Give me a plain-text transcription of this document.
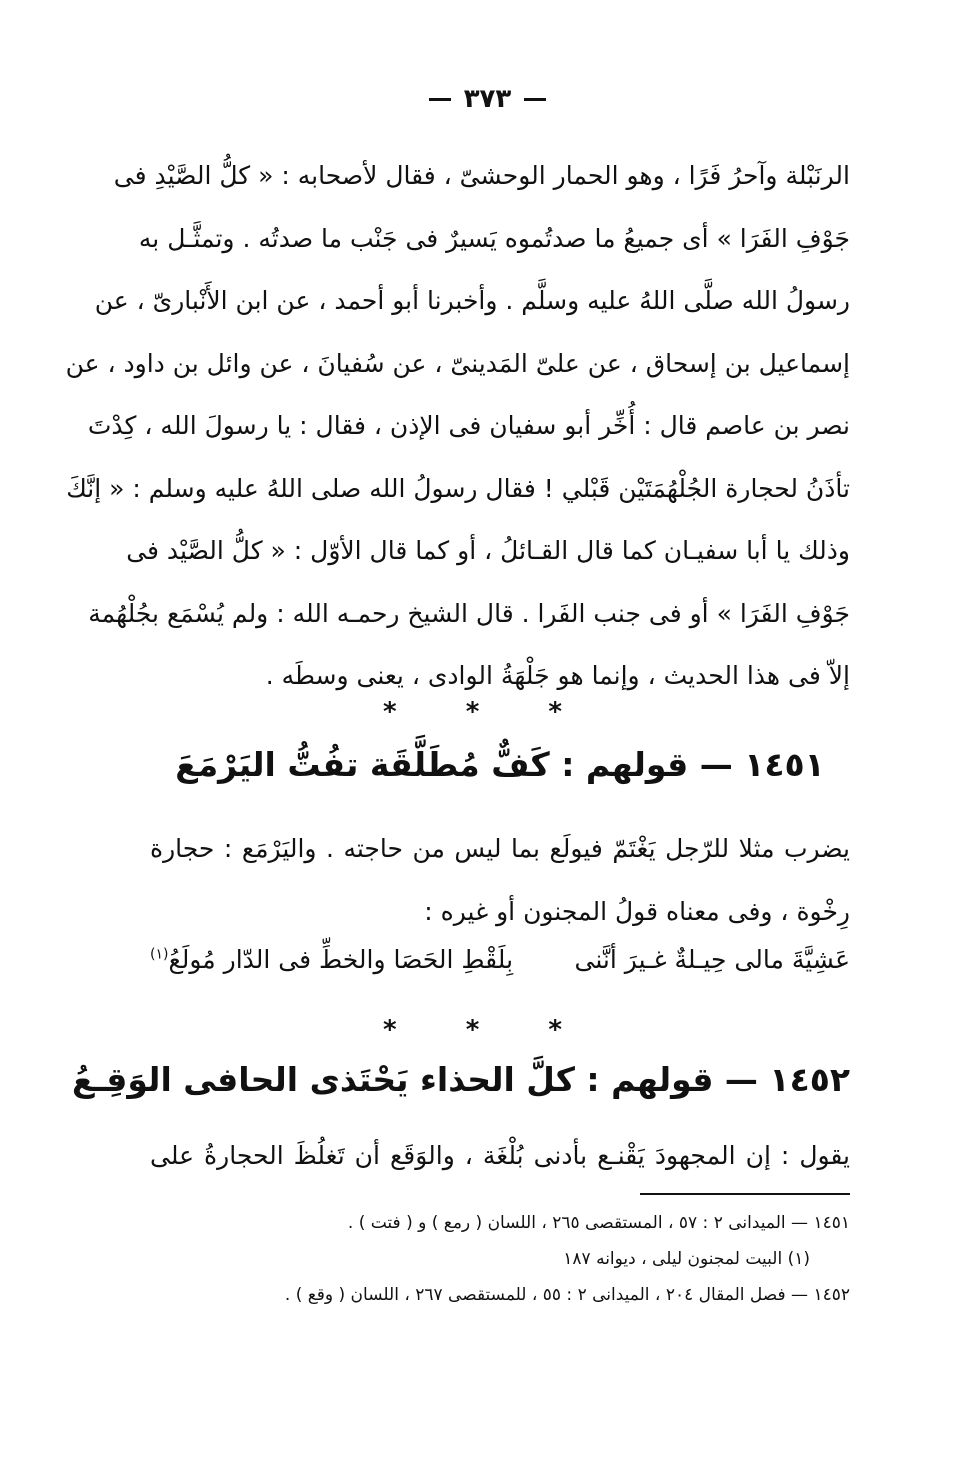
٣٧٣
الرنَبْلة وآحرُ فَرًا ، وهو الحمار الوحشىّ ، فقال لأصحابه : « كلُّ الصَّيْدِ فى
جَوْفِ الفَرَا » أى جميعُ ما صدتُموه يَسيرٌ فى جَنْب ما صدتُه . وتمثَّـل به
رسولُ الله صلَّى اللهُ عليه وسلَّم . وأخبرنا أبو أحمد ، عن ابن الأَنْبارىّ ، عن
إسماعيل بن إسحاق ، عن علىّ المَدينىّ ، عن سُفيانَ ، عن وائل بن داود ، عن
نصر بن عاصم قال : أُخِّر أبو سفيان فى الإذن ، فقال : يا رسولَ الله ، كِدْتَ
تأذَنُ لحجارة الجُلْهُمَتَيْن قَبْلي ! فقال رسولُ الله صلى اللهُ عليه وسلم : « إنَّكَ
وذلك يا أبا سفيـان كما قال القـائلُ ، أو كما قال الأوّل : « كلُّ الصَّيْد فى
جَوْفِ الفَرَا » أو فى جنب الفَرا . قال الشيخ رحمـه الله : ولم يُسْمَع بجُلْهُمة
إلاّ فى هذا الحديث ، وإنما هو جَلْهَةُ الوادى ، يعنى وسطَه .
* * *
١٤٥١ — قولهم : كَفٌّ مُطَلَّقَة تفُتُّ اليَرْمَعَ
يضرب مثلا للرّجل يَغْتَمّ فيولَع بما ليس من حاجته . واليَرْمَع : حجارة
رِخْوة ، وفى معناه قولُ المجنون أو غيره :
عَشِيَّةَ مالى حِيـلةٌ غـيرَ أنَّنى
بِلَقْطِ الحَصَا والخطِّ فى الدّار مُولَعُ$^{(١)}$
* * *
١٤٥٢ — قولهم : كلَّ الحذاء يَحْتَذى الحافى الوَقِـعُ
يقول : إن المجهودَ يَقْنـع بأدنى بُلْغَة ، والوَقَع أن تَغلُظَ الحجارةُ على
١٤٥١ — الميدانى ٢ : ٥٧ ، المستقصى ٢٦٥ ، اللسان ( رمع ) و ( فتت ) .
(١) البيت لمجنون ليلى ، ديوانه ١٨٧
١٤٥٢ — فصل المقال ٢٠٤ ، الميدانى ٢ : ٥٥ ، للمستقصى ٢٦٧ ، اللسان ( وقع ) .
